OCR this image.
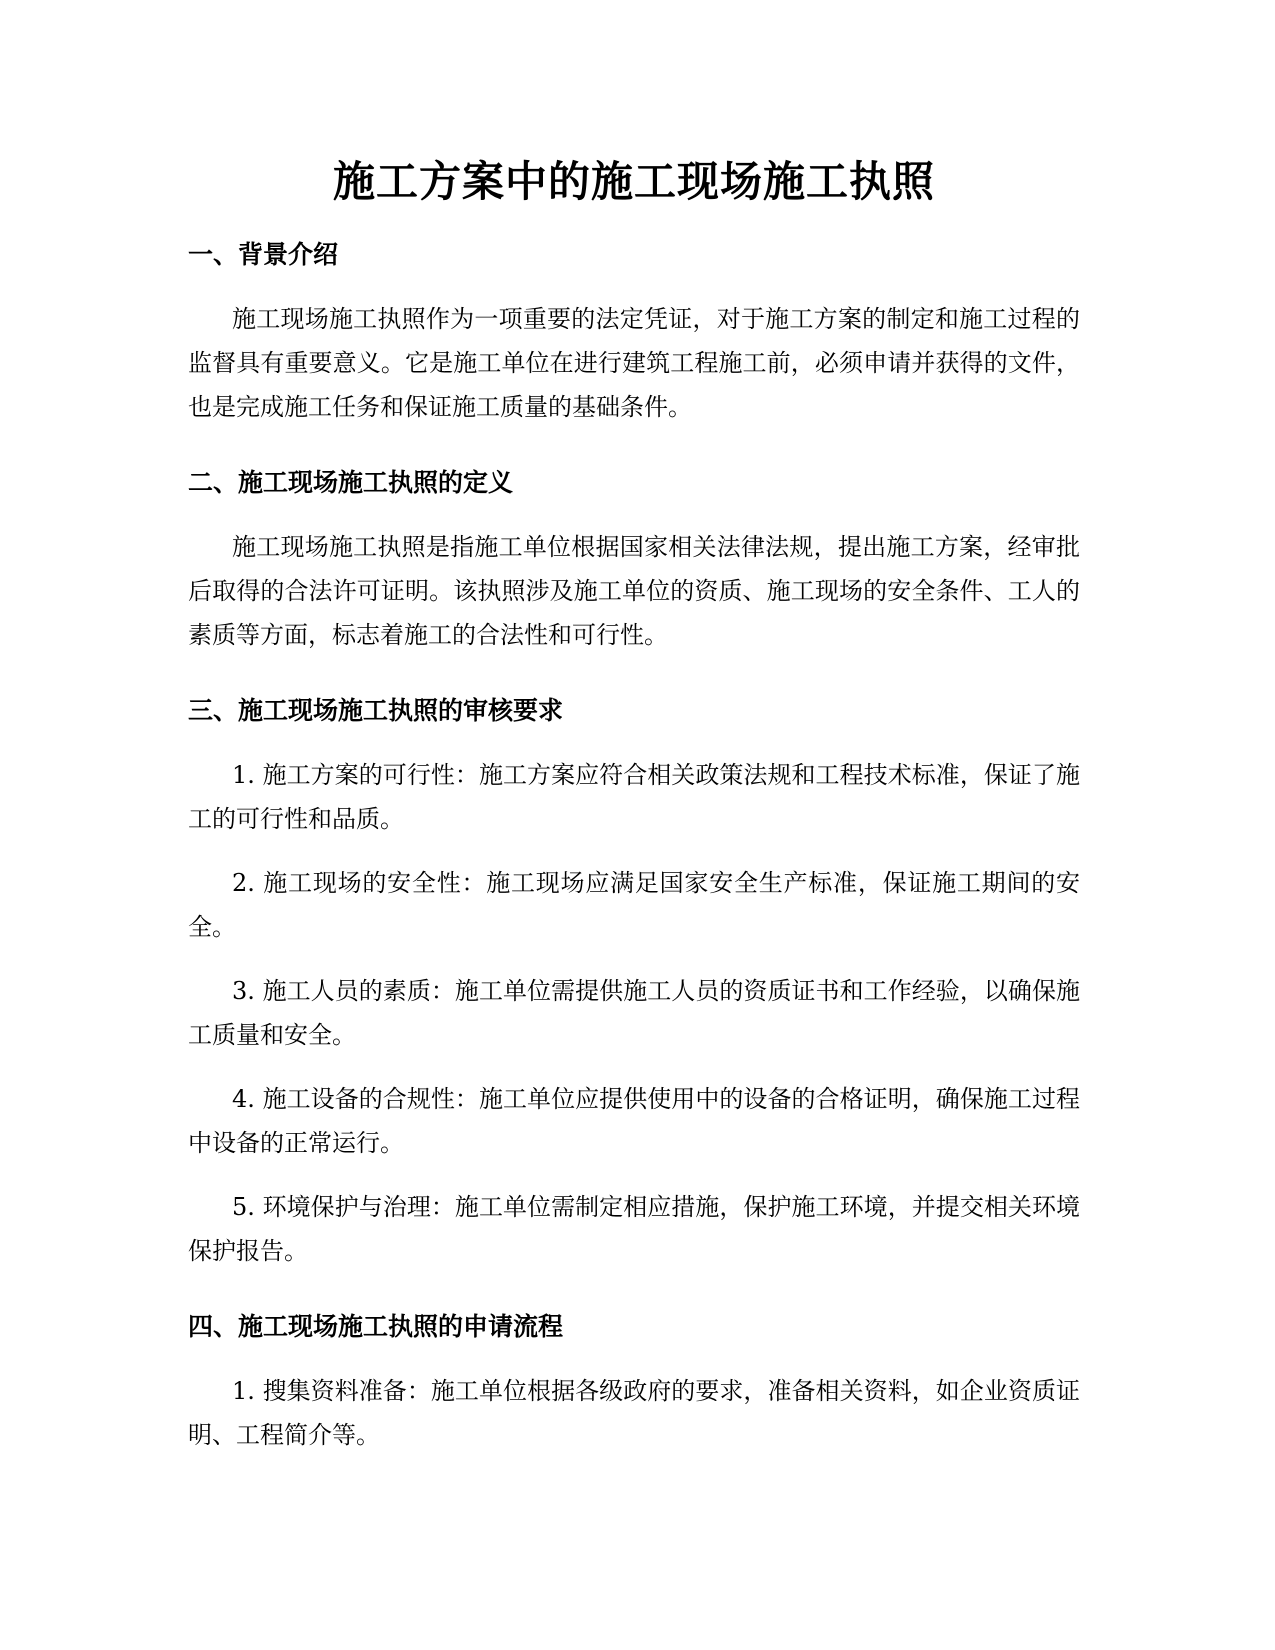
施工方案中的施工现场施工执照
一、背景介绍

施工现场施工执照作为一项重要的法定凭证，对于施工方案的制定和施工过程的监督具有重要意义。它是施工单位在进行建筑工程施工前，必须申请并获得的文件，也是完成施工任务和保证施工质量的基础条件。

二、施工现场施工执照的定义

施工现场施工执照是指施工单位根据国家相关法律法规，提出施工方案，经审批后取得的合法许可证明。该执照涉及施工单位的资质、施工现场的安全条件、工人的素质等方面，标志着施工的合法性和可行性。

三、施工现场施工执照的审核要求

1. 施工方案的可行性：施工方案应符合相关政策法规和工程技术标准，保证了施工的可行性和品质。

2. 施工现场的安全性：施工现场应满足国家安全生产标准，保证施工期间的安全。

3. 施工人员的素质：施工单位需提供施工人员的资质证书和工作经验，以确保施工质量和安全。

4. 施工设备的合规性：施工单位应提供使用中的设备的合格证明，确保施工过程中设备的正常运行。

5. 环境保护与治理：施工单位需制定相应措施，保护施工环境，并提交相关环境保护报告。

四、施工现场施工执照的申请流程

1. 搜集资料准备：施工单位根据各级政府的要求，准备相关资料，如企业资质证明、工程简介等。
